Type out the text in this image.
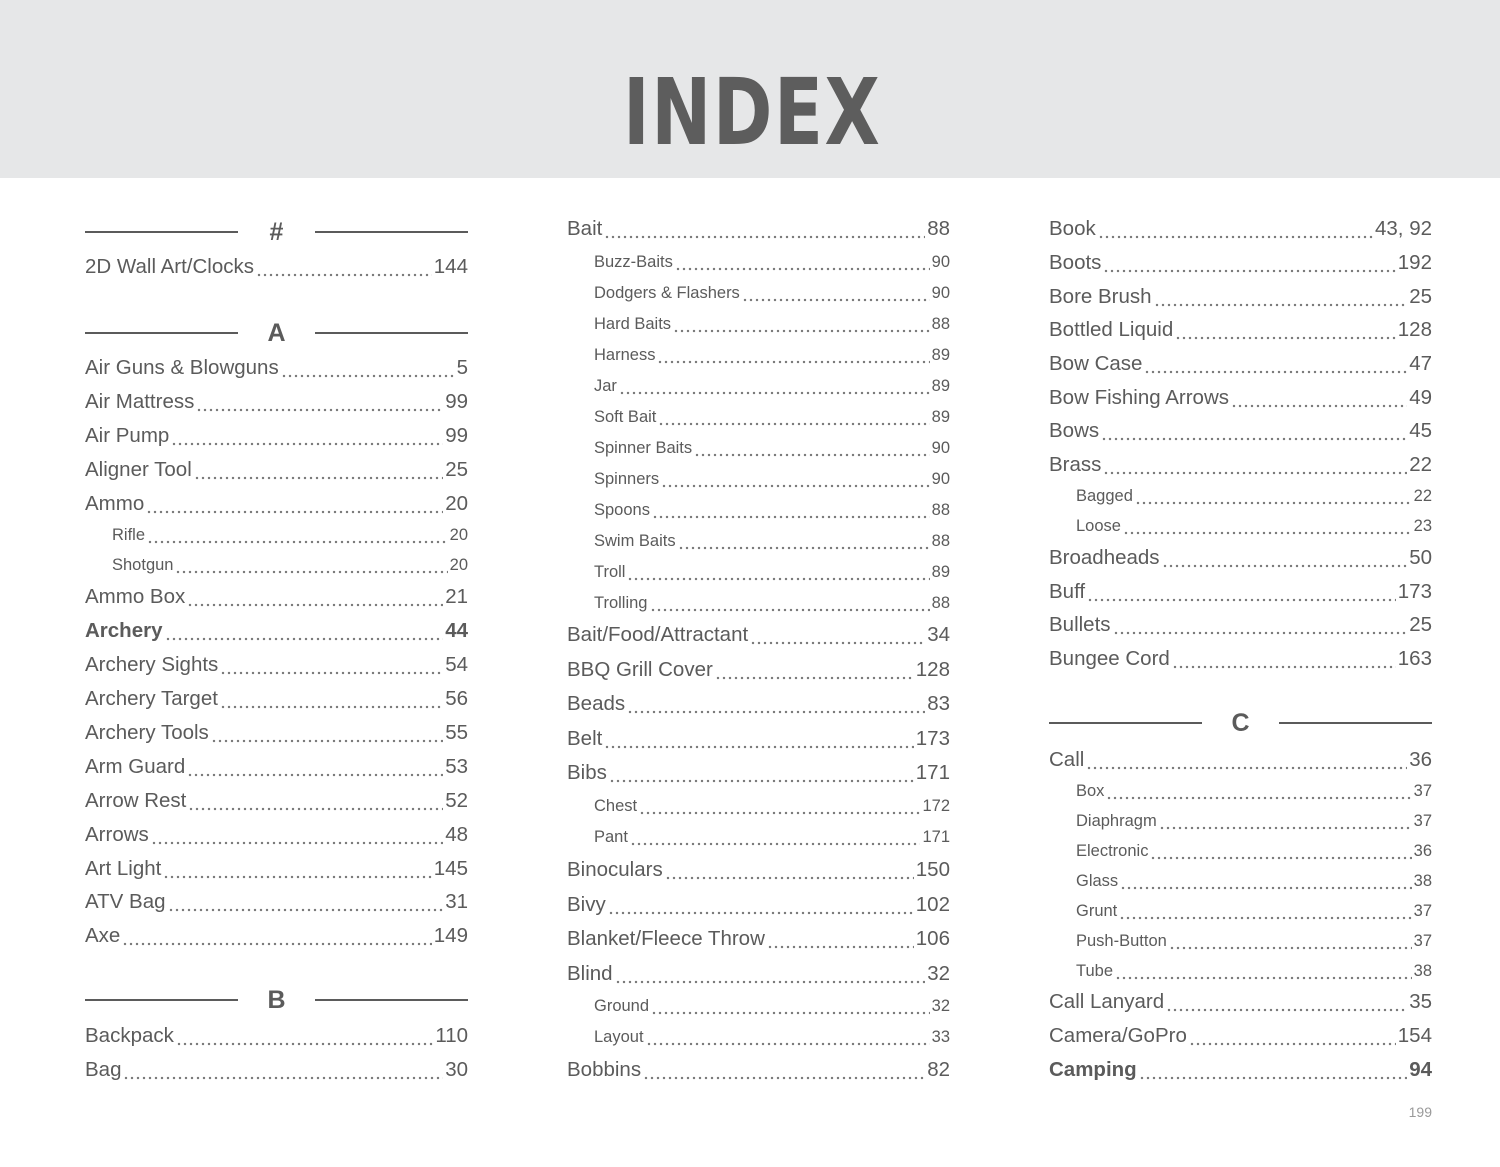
INDEX
#
2D Wall Art/Clocks	144
A
Air Guns & Blowguns	5
Air Mattress	99
Air Pump	99
Aligner Tool	25
Ammo	20
Rifle	20
Shotgun	20
Ammo Box	21
Archery	44
Archery Sights	54
Archery Target	56
Archery Tools	55
Arm Guard	53
Arrow Rest	52
Arrows	48
Art Light	145
ATV Bag	31
Axe	149
B
Backpack	110
Bag	30
Bait	88
Buzz-Baits	90
Dodgers & Flashers	90
Hard Baits	88
Harness	89
Jar	89
Soft Bait	89
Spinner Baits	90
Spinners	90
Spoons	88
Swim Baits	88
Troll	89
Trolling	88
Bait/Food/Attractant	34
BBQ Grill Cover	128
Beads	83
Belt	173
Bibs	171
Chest	172
Pant	171
Binoculars	150
Bivy	102
Blanket/Fleece Throw	106
Blind	32
Ground	32
Layout	33
Bobbins	82
Book	43, 92
Boots	192
Bore Brush	25
Bottled Liquid	128
Bow Case	47
Bow Fishing Arrows	49
Bows	45
Brass	22
Bagged	22
Loose	23
Broadheads	50
Buff	173
Bullets	25
Bungee Cord	163
C
Call	36
Box	37
Diaphragm	37
Electronic	36
Glass	38
Grunt	37
Push-Button	37
Tube	38
Call Lanyard	35
Camera/GoPro	154
Camping	94
199
